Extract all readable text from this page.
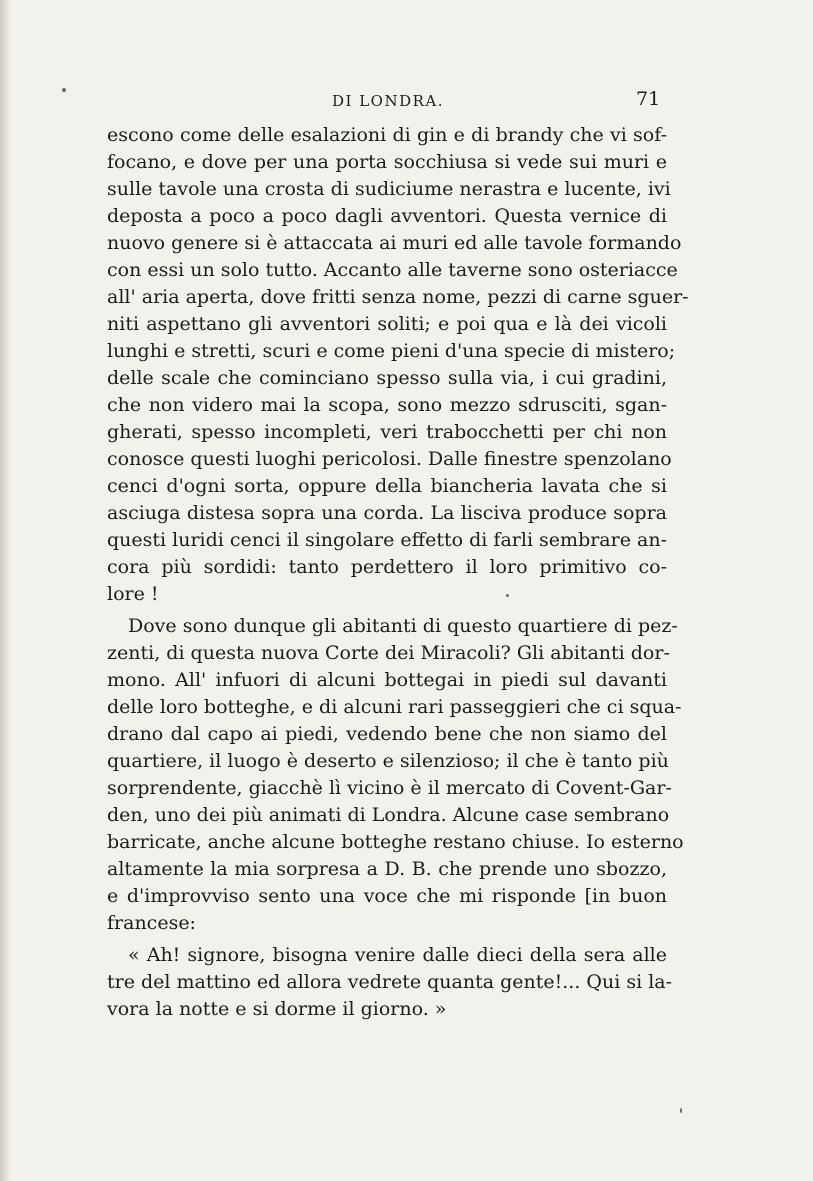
DI LONDRA.	71
escono come delle esalazioni di gin e di brandy che vi sof-
focano, e dove per una porta socchiusa si vede sui muri e
sulle tavole una crosta di sudiciume nerastra e lucente, ivi
deposta a poco a poco dagli avventori. Questa vernice di
nuovo genere si è attaccata ai muri ed alle tavole formando
con essi un solo tutto. Accanto alle taverne sono osteriacce
all' aria aperta, dove fritti senza nome, pezzi di carne sguer-
niti aspettano gli avventori soliti; e poi qua e là dei vicoli
lunghi e stretti, scuri e come pieni d'una specie di mistero;
delle scale che cominciano spesso sulla via, i cui gradini,
che non videro mai la scopa, sono mezzo sdrusciti, sgan-
gherati, spesso incompleti, veri trabocchetti per chi non
conosce questi luoghi pericolosi. Dalle finestre spenzolano
cenci d'ogni sorta, oppure della biancheria lavata che si
asciuga distesa sopra una corda. La lisciva produce sopra
questi luridi cenci il singolare effetto di farli sembrare an-
cora più sordidi: tanto perdettero il loro primitivo co-
lore !
Dove sono dunque gli abitanti di questo quartiere di pez-
zenti, di questa nuova Corte dei Miracoli? Gli abitanti dor-
mono. All' infuori di alcuni bottegai in piedi sul davanti
delle loro botteghe, e di alcuni rari passeggieri che ci squa-
drano dal capo ai piedi, vedendo bene che non siamo del
quartiere, il luogo è deserto e silenzioso; il che è tanto più
sorprendente, giacchè lì vicino è il mercato di Covent-Gar-
den, uno dei più animati di Londra. Alcune case sembrano
barricate, anche alcune botteghe restano chiuse. Io esterno
altamente la mia sorpresa a D. B. che prende uno sbozzo,
e d'improvviso sento una voce che mi risponde [in buon
francese:
« Ah! signore, bisogna venire dalle dieci della sera alle
tre del mattino ed allora vedrete quanta gente!... Qui si la-
vora la notte e si dorme il giorno. »
